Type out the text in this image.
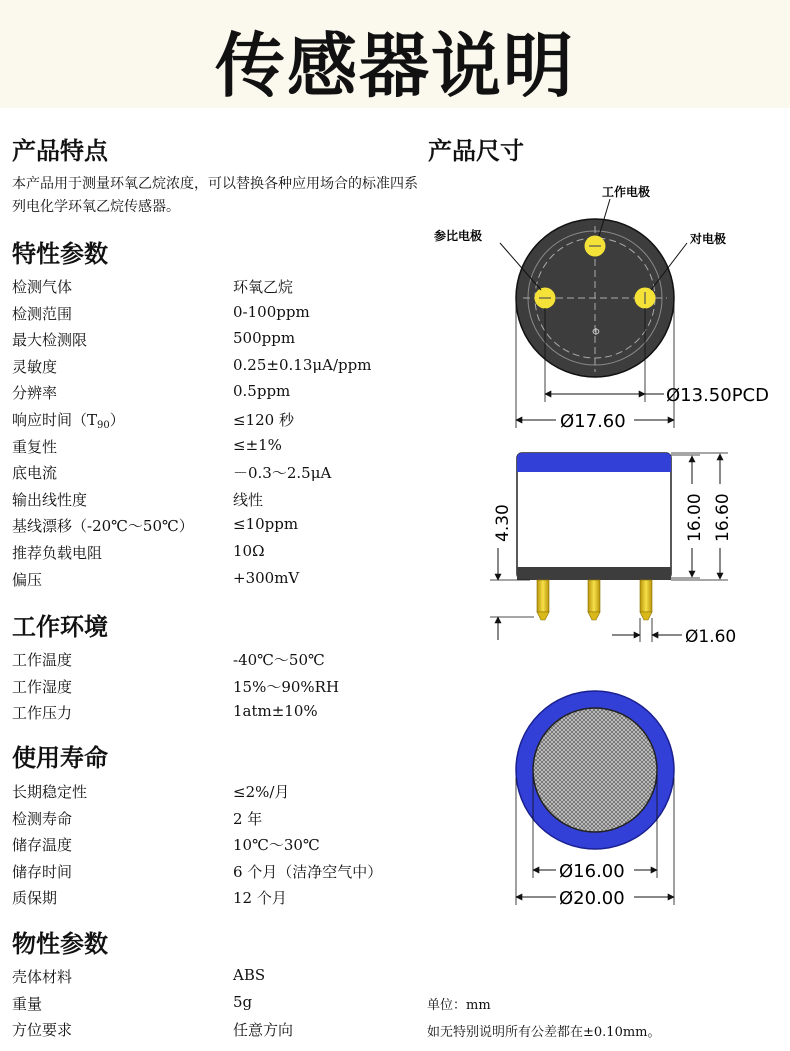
传感器说明
产品特点

本产品用于测量环氧乙烷浓度，可以替换各种应用场合的标准四系列电化学环氧乙烷传感器。

特性参数
检测气体	环氧乙烷
检测范围	0-100ppm
最大检测限	500ppm
灵敏度	0.25±0.13μA/ppm
分辨率	0.5ppm
响应时间$(T_{90})$	≤120 秒
重复性	≤±1%
底电流	－0.3～2.5μA
输出线性度	线性
基线漂移（-20℃～50℃）	≤10ppm
推荐负载电阻	10Ω
偏压	+300mV
工作环境
工作温度	-40℃～50℃
工作湿度	15%～90%RH
工作压力	1atm±10%
使用寿命
长期稳定性	≤2%/月
检测寿命	2 年
储存温度	10℃～30℃
储存时间	6 个月（洁净空气中）
质保期	12 个月
物性参数
壳体材料	ABS
重量	5g
方位要求	任意方向
产品尺寸
Φ
工作电极
参比电极	对电极
Ø13.50PCD
Ø17.60
4.30	16.00 16.60
Ø1.60
Ø16.00
Ø20.00
单位：mm
如无特别说明所有公差都在±0.10mm。
